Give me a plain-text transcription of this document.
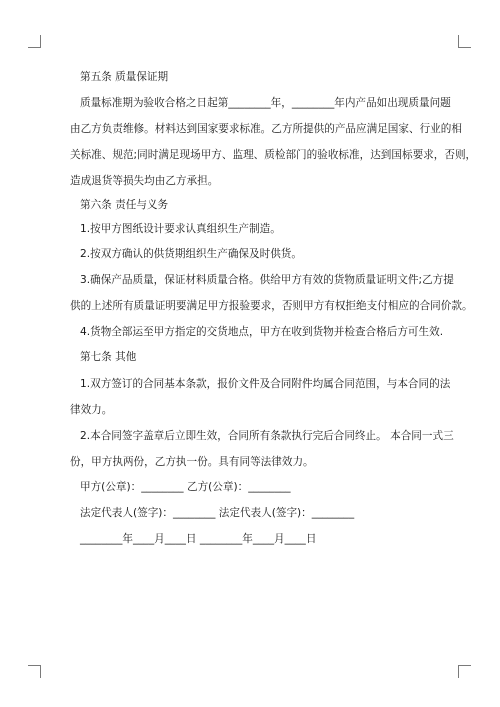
第五条 质量保证期
质量标准期为验收合格之日起第________年，________年内产品如出现质量问题
由乙方负责维修。材料达到国家要求标准。乙方所提供的产品应满足国家、行业的相
关标准、规范;同时满足现场甲方、监理、质检部门的验收标准，达到国标要求，否则，
造成退货等损失均由乙方承担。
第六条 责任与义务
1.按甲方图纸设计要求认真组织生产制造。
2.按双方确认的供货期组织生产确保及时供货。
3.确保产品质量，保证材料质量合格。供给甲方有效的货物质量证明文件;乙方提
供的上述所有质量证明要满足甲方报验要求，否则甲方有权拒绝支付相应的合同价款。
4.货物全部运至甲方指定的交货地点，甲方在收到货物并检查合格后方可生效.
第七条 其他
1.双方签订的合同基本条款，报价文件及合同附件均属合同范围，与本合同的法
律效力。
2.本合同签字盖章后立即生效，合同所有条款执行完后合同终止。 本合同一式三
份，甲方执两份，乙方执一份。具有同等法律效力。
甲方(公章)：________ 乙方(公章)：________
法定代表人(签字)：________ 法定代表人(签字)：________
________年____月____日 ________年____月____日
